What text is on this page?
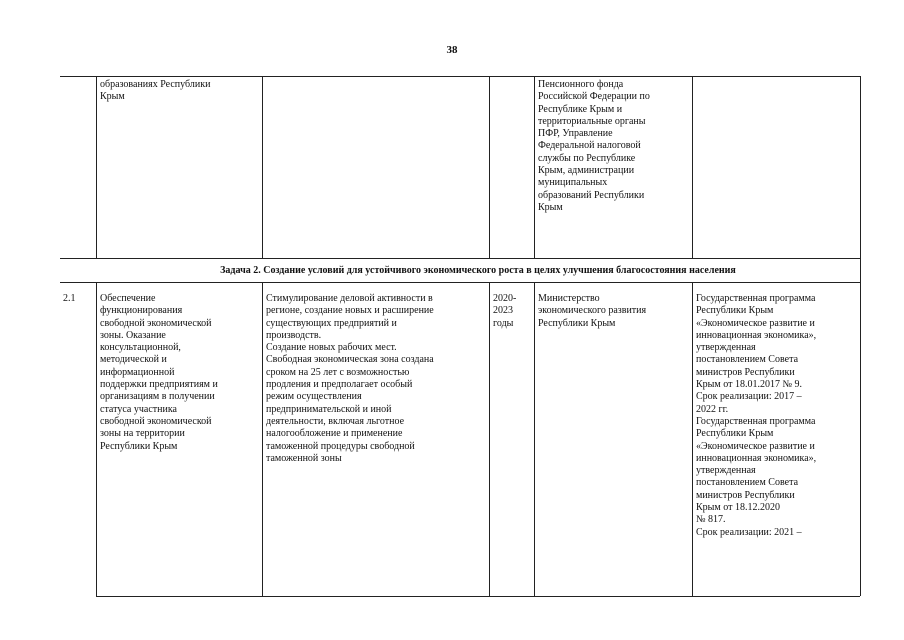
38
образованиях Республики
Крым
Пенсионного фонда
Российской Федерации по
Республике Крым и
территориальные органы
ПФР, Управление
Федеральной налоговой
службы по Республике
Крым, администрации
муниципальных
образований Республики
Крым
Задача 2. Создание условий для устойчивого экономического роста в целях улучшения благосостояния населения
2.1	Обеспечение
функционирования
свободной экономической
зоны. Оказание
консультационной,
методической и
информационной
поддержки предприятиям и
организациям в получении
статуса участника
свободной экономической
зоны на территории
Республики Крым
Стимулирование деловой активности в
регионе, создание новых и расширение
существующих предприятий и
производств.
Создание новых рабочих мест.
Свободная экономическая зона создана
сроком на 25 лет с возможностью
продления и предполагает особый
режим осуществления
предпринимательской и иной
деятельности, включая льготное
налогообложение и применение
таможенной процедуры свободной
таможенной зоны
2020-
2023
годы
Министерство
экономического развития
Республики Крым
Государственная программа
Республики Крым
«Экономическое развитие и
инновационная экономика»,
утвержденная
постановлением Совета
министров Республики
Крым от 18.01.2017 № 9.
Срок реализации: 2017 –
2022 гг.
Государственная программа
Республики Крым
«Экономическое развитие и
инновационная экономика»,
утвержденная
постановлением Совета
министров Республики
Крым от 18.12.2020
№ 817.
Срок реализации: 2021 –
